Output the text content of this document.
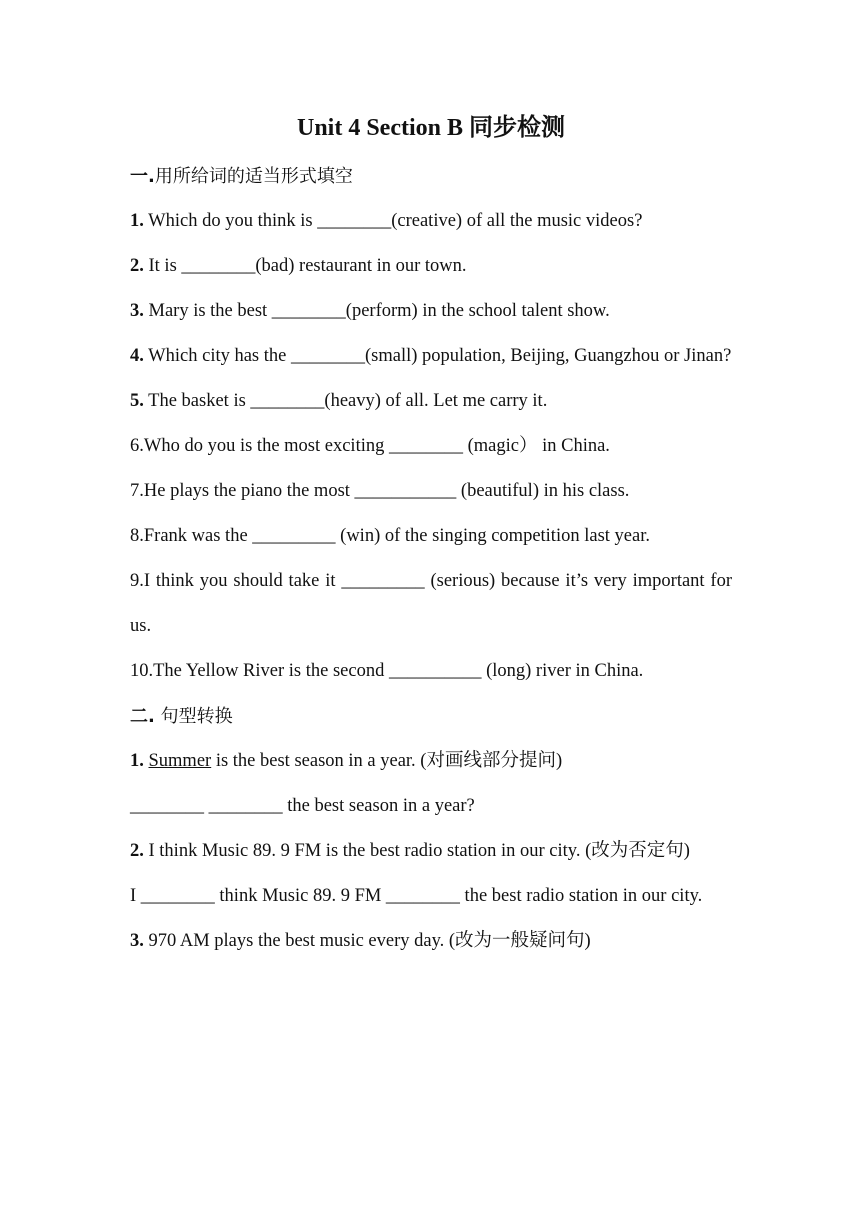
Unit 4 Section B 同步检测
一.用所给词的适当形式填空
1. Which do you think is ________(creative) of all the music videos?
2. It is ________(bad) restaurant in our town.
3. Mary is the best ________(perform) in the school talent show.
4. Which city has the ________(small) population, Beijing, Guangzhou or Jinan?
5. The basket is ________(heavy) of all. Let me carry it.
6.Who do you is the most exciting ________ (magic） in China.
7.He plays the piano the most ___________ (beautiful) in his class.
8.Frank was the _________ (win) of the singing competition last year.
9.I think you should take it _________ (serious) because it’s very important for us.
10.The Yellow River is the second __________ (long) river in China.
二. 句型转换
1. Summer is the best season in a year. (对画线部分提问)
________ ________ the best season in a year?
2. I think Music 89. 9 FM is the best radio station in our city. (改为否定句)
I ________ think Music 89. 9 FM ________ the best radio station in our city.
3. 970 AM plays the best music every day. (改为一般疑问句)
